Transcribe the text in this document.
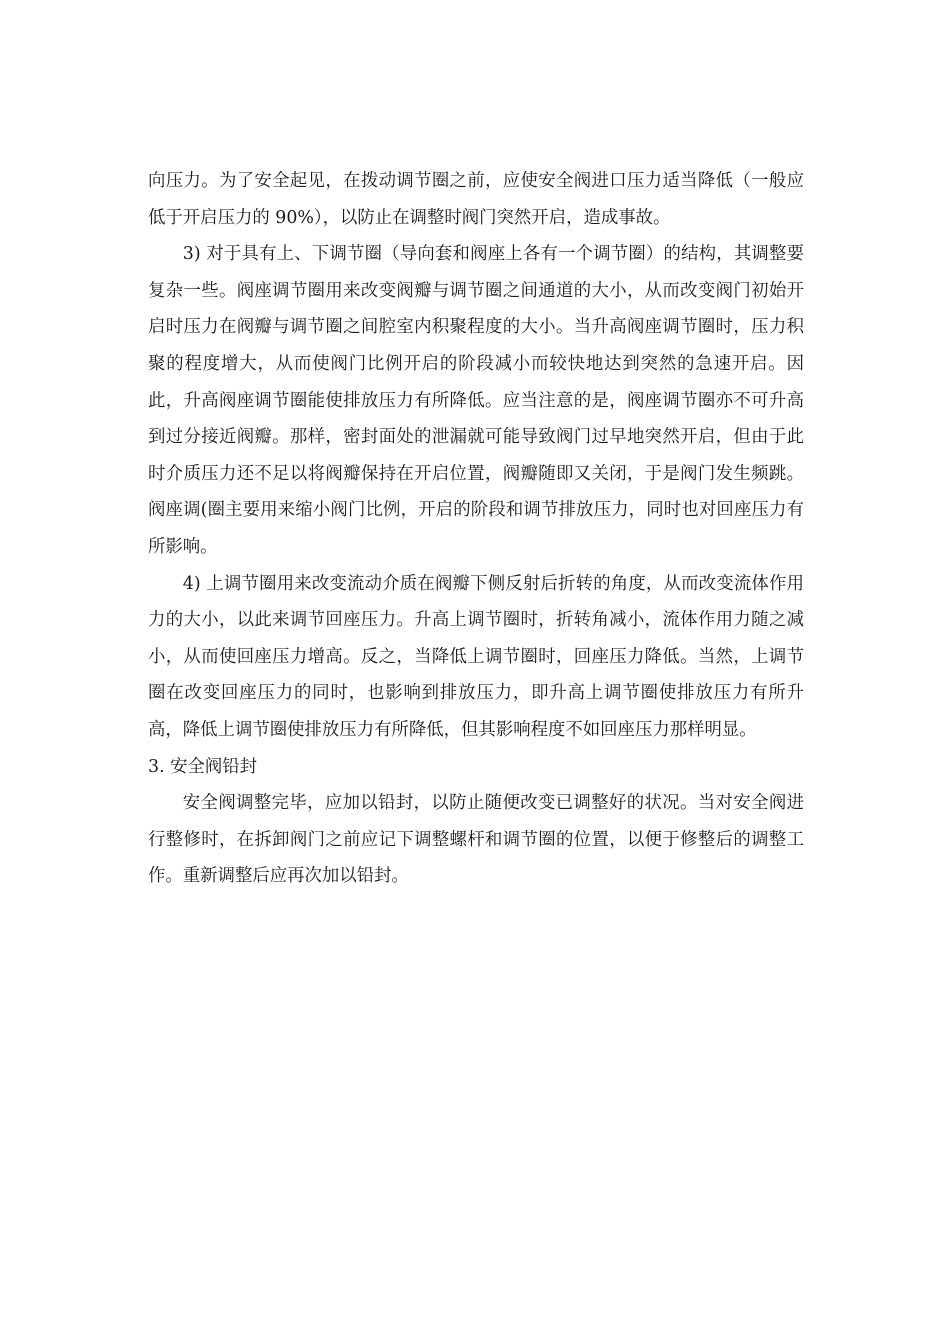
向压力。为了安全起见，在拨动调节圈之前，应使安全阀进口压力适当降低（一般应低于开启压力的 90%），以防止在调整时阀门突然开启，造成事故。

3) 对于具有上、下调节圈（导向套和阀座上各有一个调节圈）的结构，其调整要复杂一些。阀座调节圈用来改变阀瓣与调节圈之间通道的大小，从而改变阀门初始开启时压力在阀瓣与调节圈之间腔室内积聚程度的大小。当升高阀座调节圈时，压力积聚的程度增大，从而使阀门比例开启的阶段减小而较快地达到突然的急速开启。因此，升高阀座调节圈能使排放压力有所降低。应当注意的是，阀座调节圈亦不可升高到过分接近阀瓣。那样，密封面处的泄漏就可能导致阀门过早地突然开启，但由于此时介质压力还不足以将阀瓣保持在开启位置，阀瓣随即又关闭，于是阀门发生频跳。阀座调(圈主要用来缩小阀门比例，开启的阶段和调节排放压力，同时也对回座压力有所影响。

4) 上调节圈用来改变流动介质在阀瓣下侧反射后折转的角度，从而改变流体作用力的大小，以此来调节回座压力。升高上调节圈时，折转角减小，流体作用力随之减小，从而使回座压力增高。反之，当降低上调节圈时，回座压力降低。当然，上调节圈在改变回座压力的同时，也影响到排放压力，即升高上调节圈使排放压力有所升高，降低上调节圈使排放压力有所降低，但其影响程度不如回座压力那样明显。

3. 安全阀铅封

安全阀调整完毕，应加以铅封，以防止随便改变已调整好的状况。当对安全阀进行整修时，在拆卸阀门之前应记下调整螺杆和调节圈的位置，以便于修整后的调整工作。重新调整后应再次加以铅封。
